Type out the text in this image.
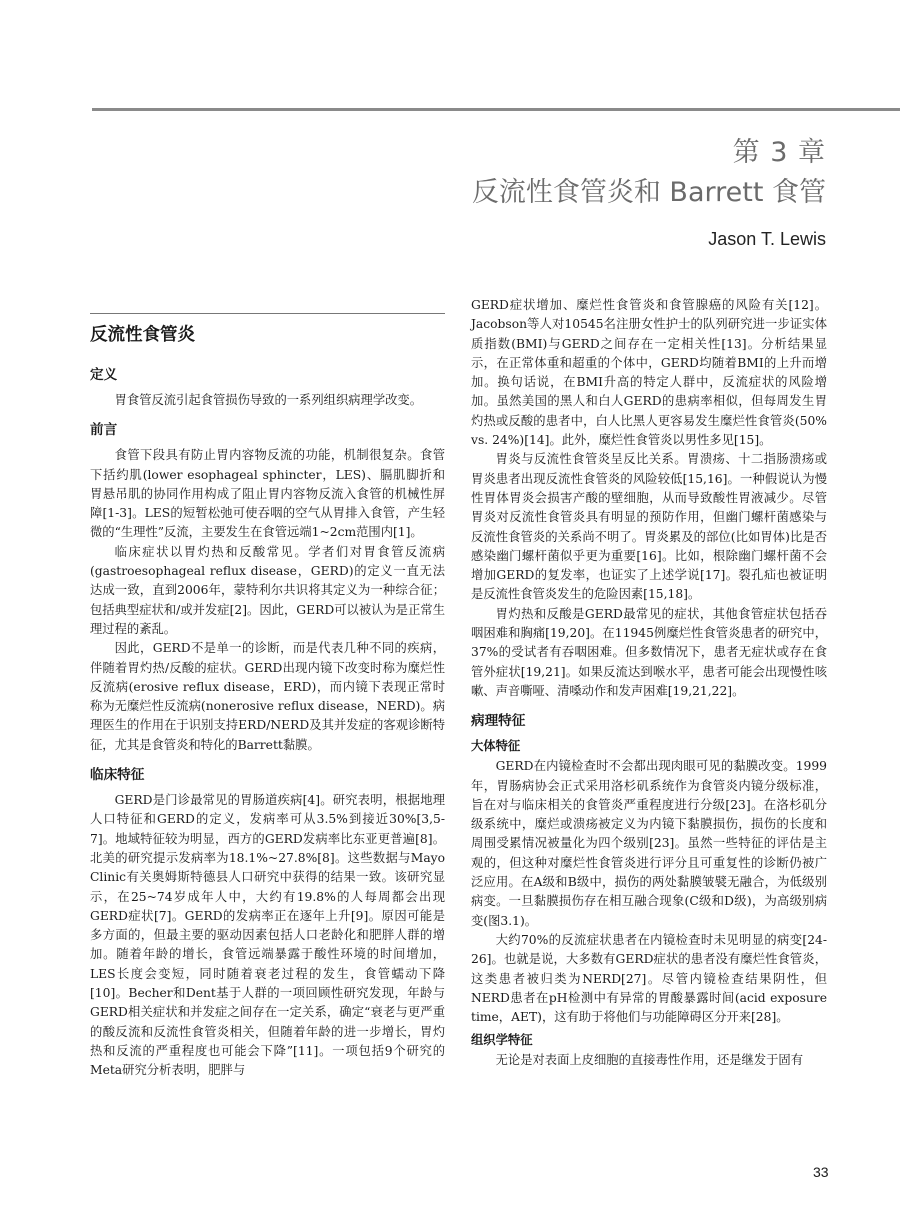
第 3 章
反流性食管炎和 Barrett 食管
Jason T. Lewis
反流性食管炎
定义

胃食管反流引起食管损伤导致的一系列组织病理学改变。

前言

食管下段具有防止胃内容物反流的功能，机制很复杂。食管下括约肌(lower esophageal sphincter，LES)、膈肌脚折和胃悬吊肌的协同作用构成了阻止胃内容物反流入食管的机械性屏障[1-3]。LES的短暂松弛可使吞咽的空气从胃排入食管，产生轻微的“生理性”反流，主要发生在食管远端1~2cm范围内[1]。

临床症状以胃灼热和反酸常见。学者们对胃食管反流病(gastroesophageal reflux disease，GERD)的定义一直无法达成一致，直到2006年，蒙特利尔共识将其定义为一种综合征；包括典型症状和/或并发症[2]。因此，GERD可以被认为是正常生理过程的紊乱。

因此，GERD不是单一的诊断，而是代表几种不同的疾病，伴随着胃灼热/反酸的症状。GERD出现内镜下改变时称为糜烂性反流病(erosive reflux disease，ERD)，而内镜下表现正常时称为无糜烂性反流病(nonerosive reflux disease，NERD)。病理医生的作用在于识别支持ERD/NERD及其并发症的客观诊断特征，尤其是食管炎和特化的Barrett黏膜。

临床特征

GERD是门诊最常见的胃肠道疾病[4]。研究表明，根据地理人口特征和GERD的定义，发病率可从3.5%到接近30%[3,5-7]。地域特征较为明显，西方的GERD发病率比东亚更普遍[8]。北美的研究提示发病率为18.1%~27.8%[8]。这些数据与Mayo Clinic有关奥姆斯特德县人口研究中获得的结果一致。该研究显示，在25~74岁成年人中，大约有19.8%的人每周都会出现GERD症状[7]。GERD的发病率正在逐年上升[9]。原因可能是多方面的，但最主要的驱动因素包括人口老龄化和肥胖人群的增加。随着年龄的增长，食管远端暴露于酸性环境的时间增加，LES长度会变短，同时随着衰老过程的发生，食管蠕动下降[10]。Becher和Dent基于人群的一项回顾性研究发现，年龄与GERD相关症状和并发症之间存在一定关系，确定“衰老与更严重的酸反流和反流性食管炎相关，但随着年龄的进一步增长，胃灼热和反流的严重程度也可能会下降”[11]。一项包括9个研究的Meta研究分析表明，肥胖与

GERD症状增加、糜烂性食管炎和食管腺癌的风险有关[12]。Jacobson等人对10545名注册女性护士的队列研究进一步证实体质指数(BMI)与GERD之间存在一定相关性[13]。分析结果显示，在正常体重和超重的个体中，GERD均随着BMI的上升而增加。换句话说，在BMI升高的特定人群中，反流症状的风险增加。虽然美国的黑人和白人GERD的患病率相似，但每周发生胃灼热或反酸的患者中，白人比黑人更容易发生糜烂性食管炎(50% vs. 24%)[14]。此外，糜烂性食管炎以男性多见[15]。

胃炎与反流性食管炎呈反比关系。胃溃疡、十二指肠溃疡或胃炎患者出现反流性食管炎的风险较低[15,16]。一种假说认为慢性胃体胃炎会损害产酸的壁细胞，从而导致酸性胃液减少。尽管胃炎对反流性食管炎具有明显的预防作用，但幽门螺杆菌感染与反流性食管炎的关系尚不明了。胃炎累及的部位(比如胃体)比是否感染幽门螺杆菌似乎更为重要[16]。比如，根除幽门螺杆菌不会增加GERD的复发率，也证实了上述学说[17]。裂孔疝也被证明是反流性食管炎发生的危险因素[15,18]。

胃灼热和反酸是GERD最常见的症状，其他食管症状包括吞咽困难和胸痛[19,20]。在11945例糜烂性食管炎患者的研究中，37%的受试者有吞咽困难。但多数情况下，患者无症状或存在食管外症状[19,21]。如果反流达到喉水平，患者可能会出现慢性咳嗽、声音嘶哑、清嗓动作和发声困难[19,21,22]。

病理特征
大体特征

GERD在内镜检查时不会都出现肉眼可见的黏膜改变。1999年，胃肠病协会正式采用洛杉矶系统作为食管炎内镜分级标准，旨在对与临床相关的食管炎严重程度进行分级[23]。在洛杉矶分级系统中，糜烂或溃疡被定义为内镜下黏膜损伤，损伤的长度和周围受累情况被量化为四个级别[23]。虽然一些特征的评估是主观的，但这种对糜烂性食管炎进行评分且可重复性的诊断仍被广泛应用。在A级和B级中，损伤的两处黏膜皱襞无融合，为低级别病变。一旦黏膜损伤存在相互融合现象(C级和D级)，为高级别病变(图3.1)。

大约70%的反流症状患者在内镜检查时未见明显的病变[24-26]。也就是说，大多数有GERD症状的患者没有糜烂性食管炎，这类患者被归类为NERD[27]。尽管内镜检查结果阴性，但NERD患者在pH检测中有异常的胃酸暴露时间(acid exposure time，AET)，这有助于将他们与功能障碍区分开来[28]。

组织学特征

无论是对表面上皮细胞的直接毒性作用，还是继发于固有

33
